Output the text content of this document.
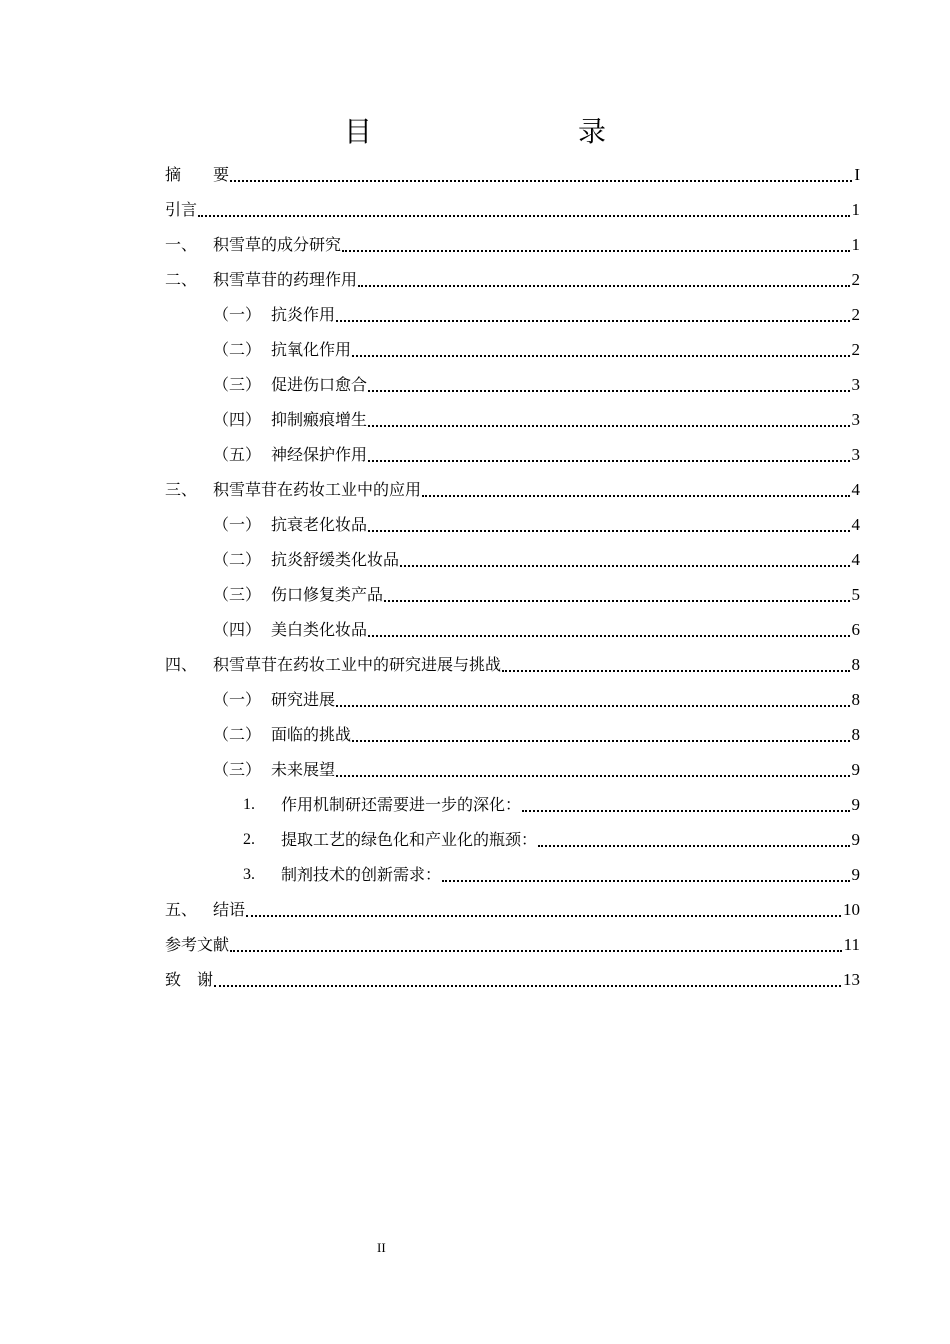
目　　录
摘　　要	I
引言	1
一、 积雪草的成分研究	1
二、 积雪草苷的药理作用	2
（一） 抗炎作用	2
（二） 抗氧化作用	2
（三） 促进伤口愈合	3
（四） 抑制瘢痕增生	3
（五） 神经保护作用	3
三、 积雪草苷在药妆工业中的应用	4
（一） 抗衰老化妆品	4
（二） 抗炎舒缓类化妆品	4
（三） 伤口修复类产品	5
（四） 美白类化妆品	6
四、 积雪草苷在药妆工业中的研究进展与挑战	8
（一） 研究进展	8
（二） 面临的挑战	8
（三） 未来展望	9
1.	作用机制研还需要进一步的深化：	9
2.	提取工艺的绿色化和产业化的瓶颈：	9
3.	制剂技术的创新需求：	9
五、 结语	10
参考文献	11
致　谢	13
II
